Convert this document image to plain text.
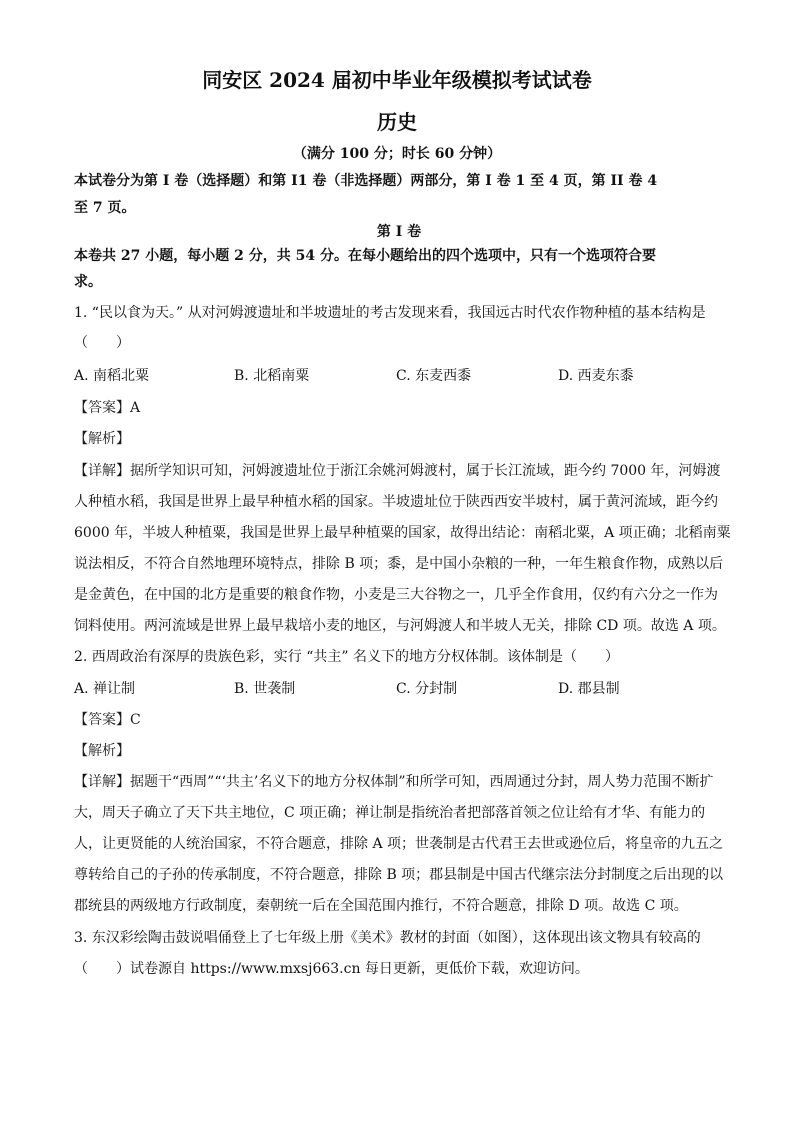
同安区 2024 届初中毕业年级模拟考试试卷
历史
（满分 100 分；时长 60 分钟）
本试卷分为第 I 卷（选择题）和第 I1 卷（非选择题）两部分，第 I 卷 1 至 4 页，第 II 卷 4
至 7 页。
第 I 卷
本卷共 27 小题，每小题 2 分，共 54 分。在每小题给出的四个选项中，只有一个选项符合要
求。
1. “民以食为天。” 从对河姆渡遗址和半坡遗址的考古发现来看，我国远古时代农作物种植的基本结构是
（　　）
A. 南稻北粟	B. 北稻南粟	C. 东麦西黍	D. 西麦东黍
【答案】A
【解析】
【详解】据所学知识可知，河姆渡遗址位于浙江余姚河姆渡村，属于长江流域，距今约 7000 年，河姆渡
人种植水稻，我国是世界上最早种植水稻的国家。半坡遗址位于陕西西安半坡村，属于黄河流域，距今约
6000 年，半坡人种植粟，我国是世界上最早种植粟的国家，故得出结论：南稻北粟，A 项正确；北稻南粟
说法相反，不符合自然地理环境特点，排除 B 项；黍，是中国小杂粮的一种，一年生粮食作物，成熟以后
是金黄色，在中国的北方是重要的粮食作物，小麦是三大谷物之一，几乎全作食用，仅约有六分之一作为
饲料使用。两河流域是世界上最早栽培小麦的地区，与河姆渡人和半坡人无关，排除 CD 项。故选 A 项。
2. 西周政治有深厚的贵族色彩，实行 “共主” 名义下的地方分权体制。该体制是（　　）
A. 禅让制	B. 世袭制	C. 分封制	D. 郡县制
【答案】C
【解析】
【详解】据题干“西周”“‘共主’名义下的地方分权体制”和所学可知，西周通过分封，周人势力范围不断扩
大，周天子确立了天下共主地位，C 项正确；禅让制是指统治者把部落首领之位让给有才华、有能力的
人，让更贤能的人统治国家，不符合题意，排除 A 项；世袭制是古代君王去世或逊位后，将皇帝的九五之
尊转给自己的子孙的传承制度，不符合题意，排除 B 项；郡县制是中国古代继宗法分封制度之后出现的以
郡统县的两级地方行政制度，秦朝统一后在全国范围内推行，不符合题意，排除 D 项。故选 C 项。
3. 东汉彩绘陶击鼓说唱俑登上了七年级上册《美术》教材的封面（如图），这体现出该文物具有较高的
（　　）试卷源自 https://www.mxsj663.cn 每日更新，更低价下载，欢迎访问。
